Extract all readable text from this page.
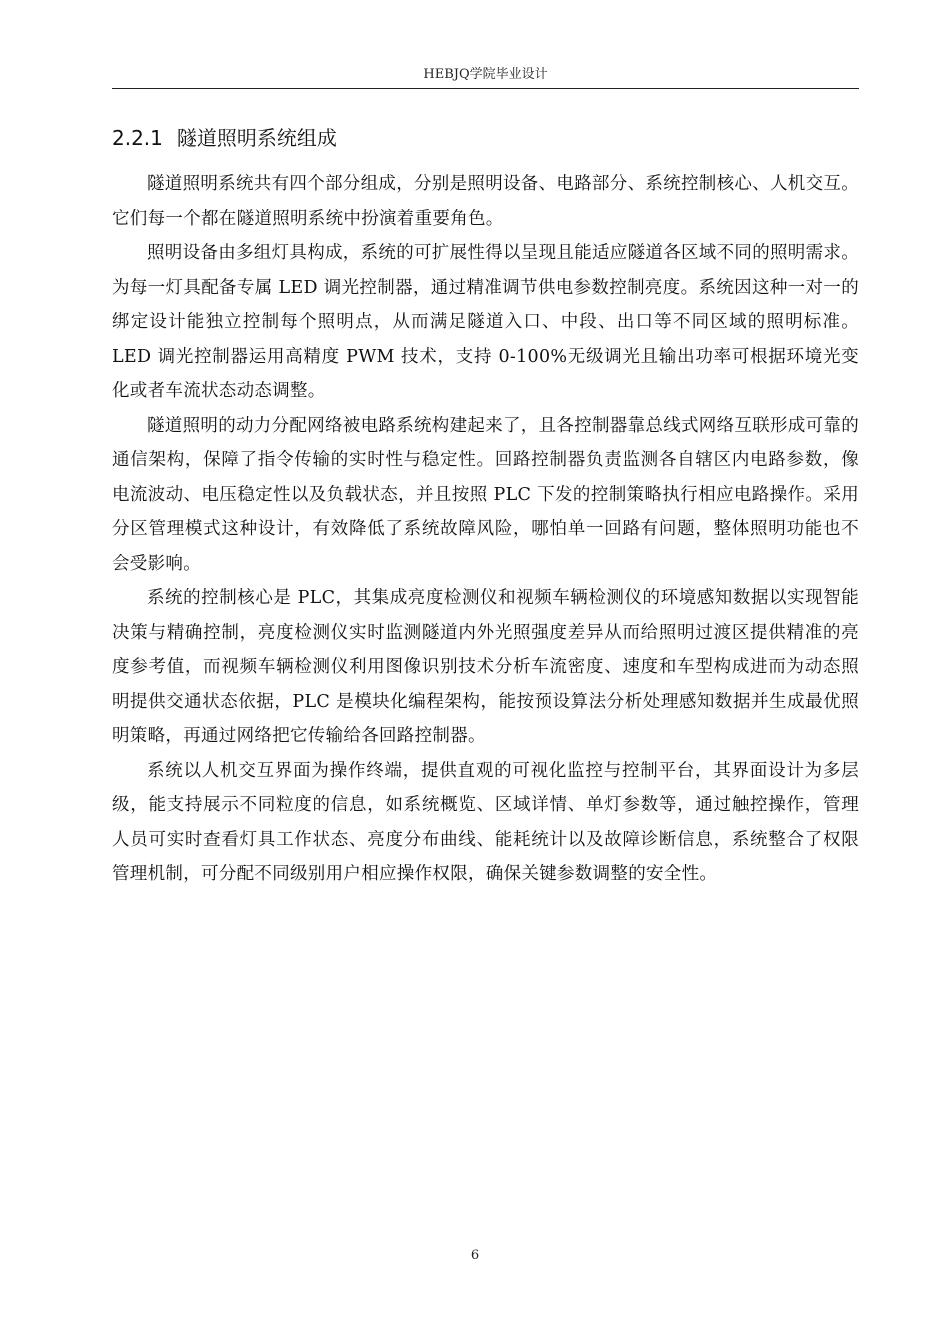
HEBJQ学院毕业设计
2.2.1 隧道照明系统组成

隧道照明系统共有四个部分组成，分别是照明设备、电路部分、系统控制核心、人机交互。它们每一个都在隧道照明系统中扮演着重要角色。

照明设备由多组灯具构成，系统的可扩展性得以呈现且能适应隧道各区域不同的照明需求。为每一灯具配备专属 LED 调光控制器，通过精准调节供电参数控制亮度。系统因这种一对一的绑定设计能独立控制每个照明点，从而满足隧道入口、中段、出口等不同区域的照明标准。LED 调光控制器运用高精度 PWM 技术，支持 0-100%无级调光且输出功率可根据环境光变化或者车流状态动态调整。

隧道照明的动力分配网络被电路系统构建起来了，且各控制器靠总线式网络互联形成可靠的通信架构，保障了指令传输的实时性与稳定性。回路控制器负责监测各自辖区内电路参数，像电流波动、电压稳定性以及负载状态，并且按照 PLC 下发的控制策略执行相应电路操作。采用分区管理模式这种设计，有效降低了系统故障风险，哪怕单一回路有问题，整体照明功能也不会受影响。

系统的控制核心是 PLC，其集成亮度检测仪和视频车辆检测仪的环境感知数据以实现智能决策与精确控制，亮度检测仪实时监测隧道内外光照强度差异从而给照明过渡区提供精准的亮度参考值，而视频车辆检测仪利用图像识别技术分析车流密度、速度和车型构成进而为动态照明提供交通状态依据，PLC 是模块化编程架构，能按预设算法分析处理感知数据并生成最优照明策略，再通过网络把它传输给各回路控制器。

系统以人机交互界面为操作终端，提供直观的可视化监控与控制平台，其界面设计为多层级，能支持展示不同粒度的信息，如系统概览、区域详情、单灯参数等，通过触控操作，管理人员可实时查看灯具工作状态、亮度分布曲线、能耗统计以及故障诊断信息，系统整合了权限管理机制，可分配不同级别用户相应操作权限，确保关键参数调整的安全性。

6
